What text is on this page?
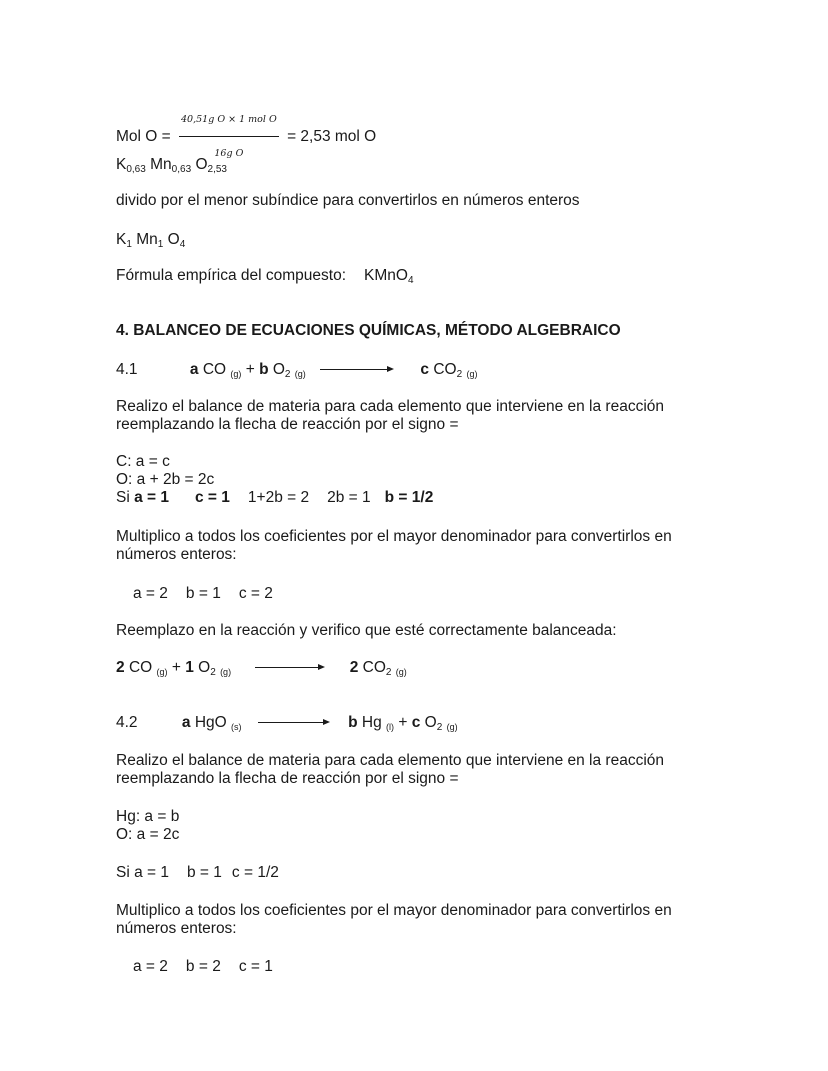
Mol $O = \frac{\text{40,51g O × 1 mol O}}{\text{16g O}} = 2,53$ mol O
$K_{0,63}$ $Mn_{0,63}$ $O_{2,53}$
divido por el menor subíndice para convertirlos en números enteros
$K_1$ $Mn_1$ $O_4$
Fórmula empírica del compuesto: KMnO$_4$
4. BALANCEO DE ECUACIONES QUÍMICAS, MÉTODO ALGEBRAICO
4.1	a CO (g) + b $O_2$ (g)	c $CO_2$ (g)
Realizo el balance de materia para cada elemento que interviene en la reacción
reemplazando la flecha de reacción por el signo =
C: a = c
O: a + 2b = 2c
Si a = 1 c = 1 1+2b = 2 2b = 1 b = 1/2
Multiplico a todos los coeficientes por el mayor denominador para convertirlos en
números enteros:
a = 2 b = 1 c = 2
Reemplazo en la reacción y verifico que esté correctamente balanceada:
2 CO (g) + 1 $O_2$ (g)	2 $CO_2$ (g)
4.2	a HgO (s)	b Hg (l) + c $O_2$ (g)
Realizo el balance de materia para cada elemento que interviene en la reacción
reemplazando la flecha de reacción por el signo =
Hg: a = b
O: a = 2c
Si a = 1 b = 1 c = 1/2
Multiplico a todos los coeficientes por el mayor denominador para convertirlos en
números enteros:
a = 2 b = 2 c = 1
